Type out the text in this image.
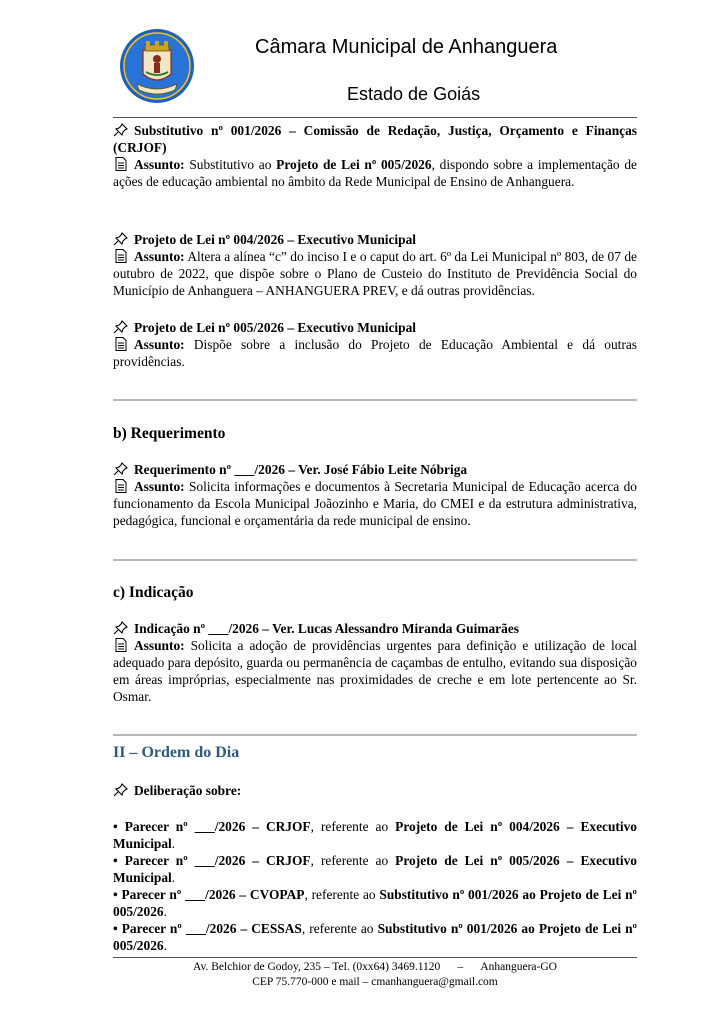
Câmara Municipal de Anhanguera
Estado de Goiás
Substitutivo nº 001/2026 – Comissão de Redação, Justiça, Orçamento e Finanças (CRJOF)
Assunto: Substitutivo ao Projeto de Lei nº 005/2026, dispondo sobre a implementação de ações de educação ambiental no âmbito da Rede Municipal de Ensino de Anhanguera.
Projeto de Lei nº 004/2026 – Executivo Municipal
Assunto: Altera a alínea “c” do inciso I e o caput do art. 6º da Lei Municipal nº 803, de 07 de outubro de 2022, que dispõe sobre o Plano de Custeio do Instituto de Previdência Social do Município de Anhanguera – ANHANGUERA PREV, e dá outras providências.
Projeto de Lei nº 005/2026 – Executivo Municipal
Assunto: Dispõe sobre a inclusão do Projeto de Educação Ambiental e dá outras providências.
b) Requerimento
Requerimento nº ___/2026 – Ver. José Fábio Leite Nóbriga
Assunto: Solicita informações e documentos à Secretaria Municipal de Educação acerca do funcionamento da Escola Municipal Joãozinho e Maria, do CMEI e da estrutura administrativa, pedagógica, funcional e orçamentária da rede municipal de ensino.
c) Indicação
Indicação nº ___/2026 – Ver. Lucas Alessandro Miranda Guimarães
Assunto: Solicita a adoção de providências urgentes para definição e utilização de local adequado para depósito, guarda ou permanência de caçambas de entulho, evitando sua disposição em áreas impróprias, especialmente nas proximidades de creche e em lote pertencente ao Sr. Osmar.
II – Ordem do Dia
Deliberação sobre:
• Parecer nº ___/2026 – CRJOF, referente ao Projeto de Lei nº 004/2026 – Executivo Municipal.
• Parecer nº ___/2026 – CRJOF, referente ao Projeto de Lei nº 005/2026 – Executivo Municipal.
• Parecer nº ___/2026 – CVOPAP, referente ao Substitutivo nº 001/2026 ao Projeto de Lei nº 005/2026.
• Parecer nº ___/2026 – CESSAS, referente ao Substitutivo nº 001/2026 ao Projeto de Lei nº 005/2026.
Av. Belchior de Godoy, 235 – Tel. (0xx64) 3469.1120 – Anhanguera-GO
CEP 75.770-000 e mail – cmanhanguera@gmail.com
